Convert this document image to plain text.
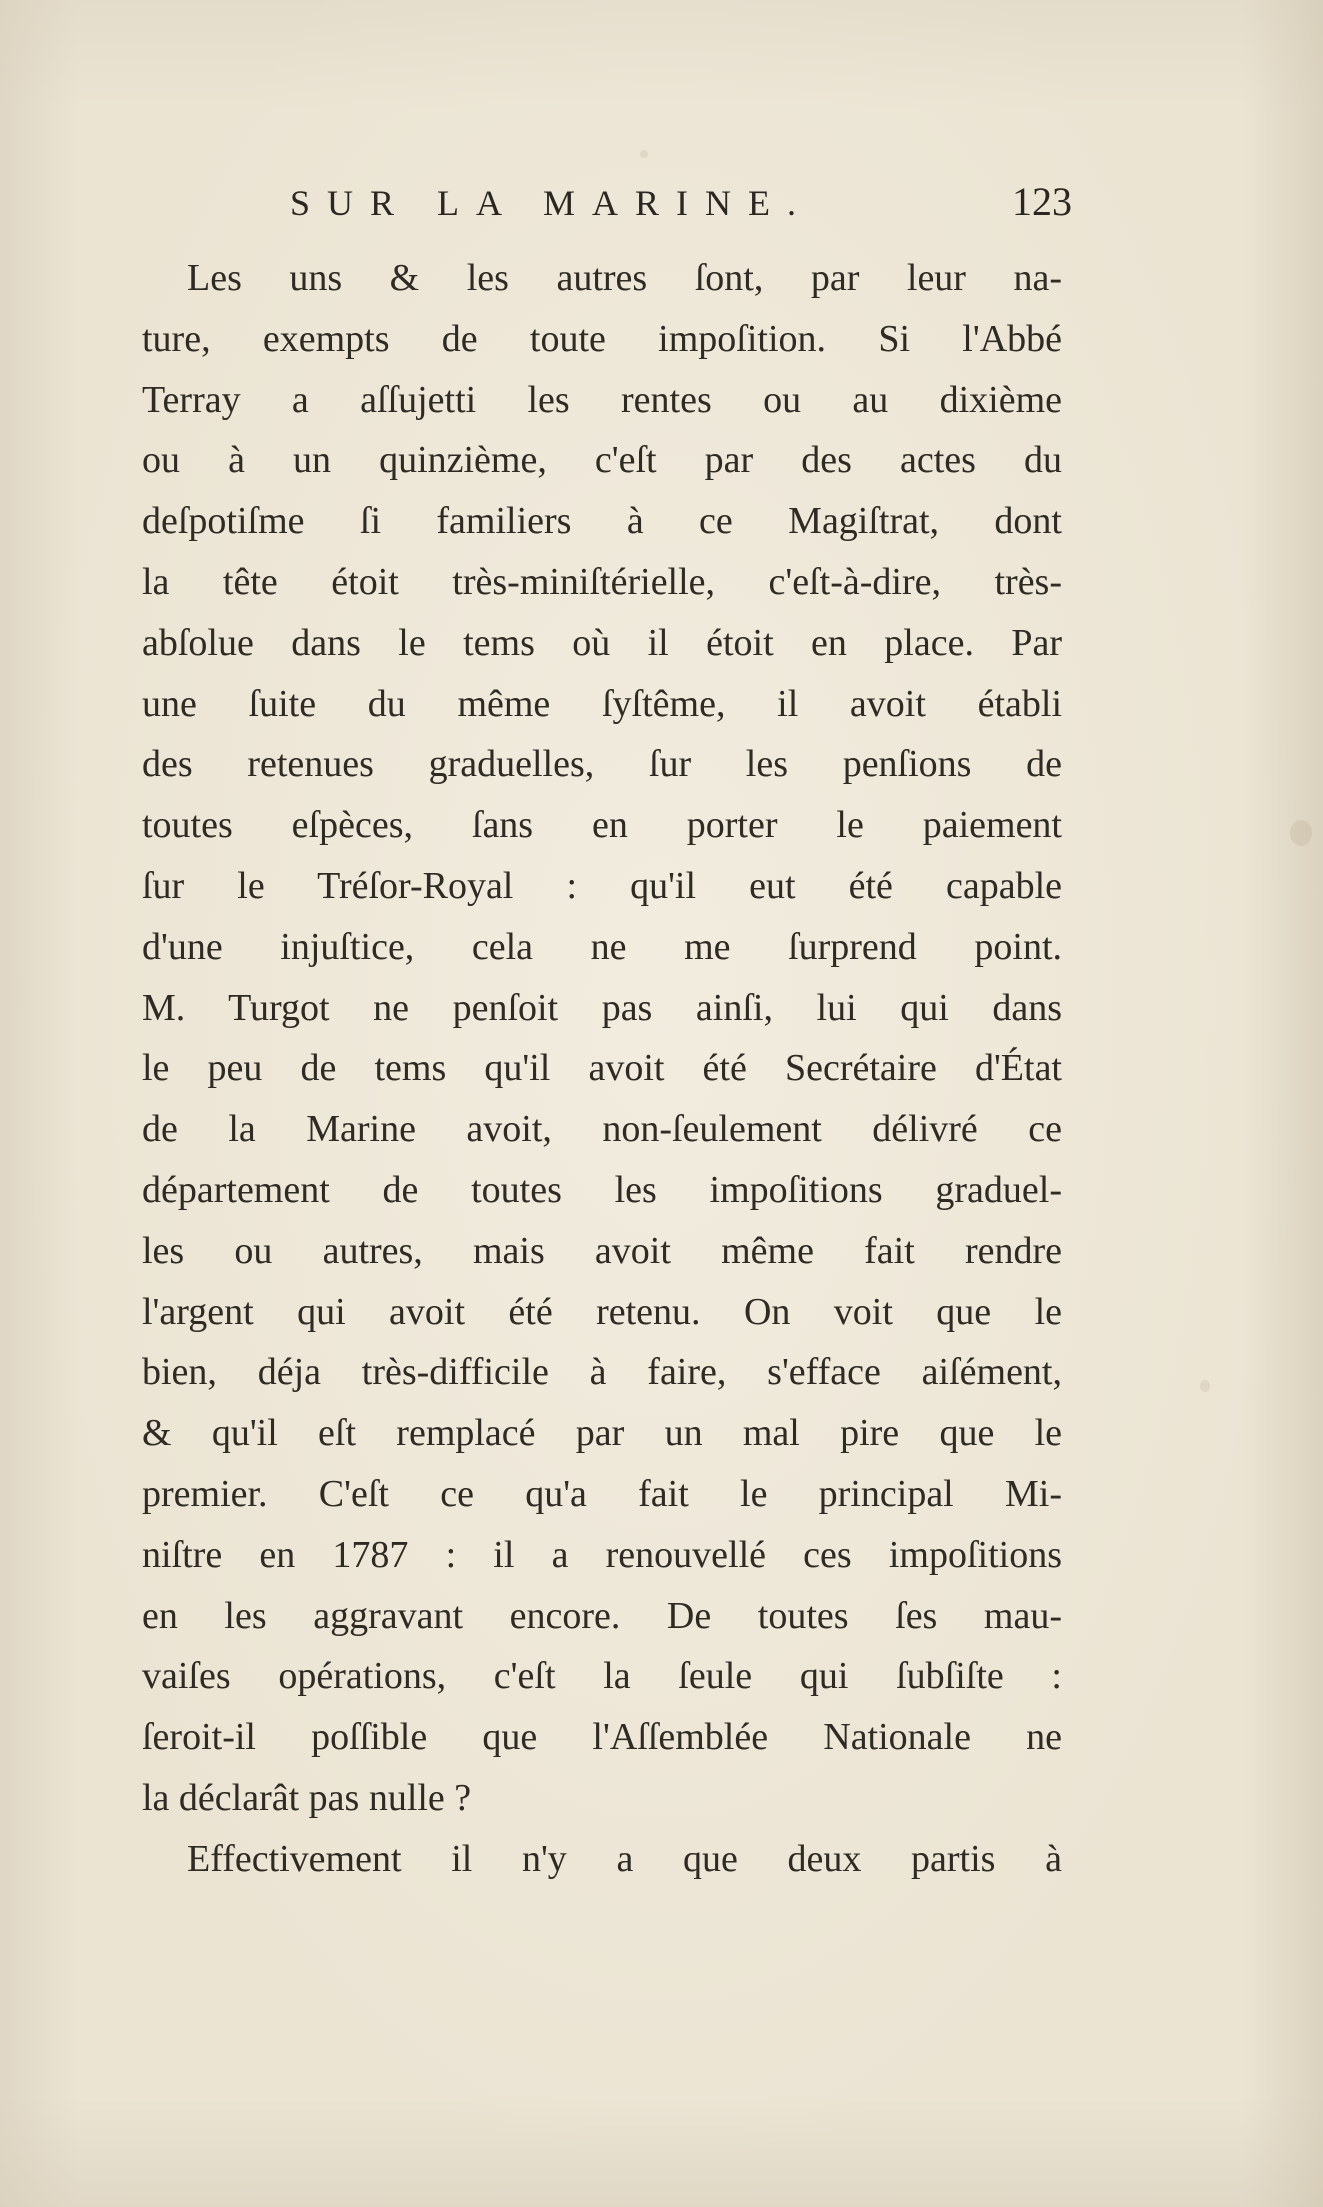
SUR LA MARINE.	123
Les uns & les autres ſont, par leur na-
ture, exempts de toute impoſition. Si l'Abbé
Terray a aſſujetti les rentes ou au dixième
ou à un quinzième, c'eſt par des actes du
deſpotiſme ſi familiers à ce Magiſtrat, dont
la tête étoit très-miniſtérielle, c'eſt-à-dire, très-
abſolue dans le tems où il étoit en place. Par
une ſuite du même ſyſtême, il avoit établi
des retenues graduelles, ſur les penſions de
toutes eſpèces, ſans en porter le paiement
ſur le Tréſor-Royal : qu'il eut été capable
d'une injuſtice, cela ne me ſurprend point.
M. Turgot ne penſoit pas ainſi, lui qui dans
le peu de tems qu'il avoit été Secrétaire d'État
de la Marine avoit, non-ſeulement délivré ce
département de toutes les impoſitions graduel-
les ou autres, mais avoit même fait rendre
l'argent qui avoit été retenu. On voit que le
bien, déja très-difficile à faire, s'efface aiſément,
& qu'il eſt remplacé par un mal pire que le
premier. C'eſt ce qu'a fait le principal Mi-
niſtre en 1787 : il a renouvellé ces impoſitions
en les aggravant encore. De toutes ſes mau-
vaiſes opérations, c'eſt la ſeule qui ſubſiſte :
ſeroit-il poſſible que l'Aſſemblée Nationale ne
la déclarât pas nulle ?
Effectivement il n'y a que deux partis à
